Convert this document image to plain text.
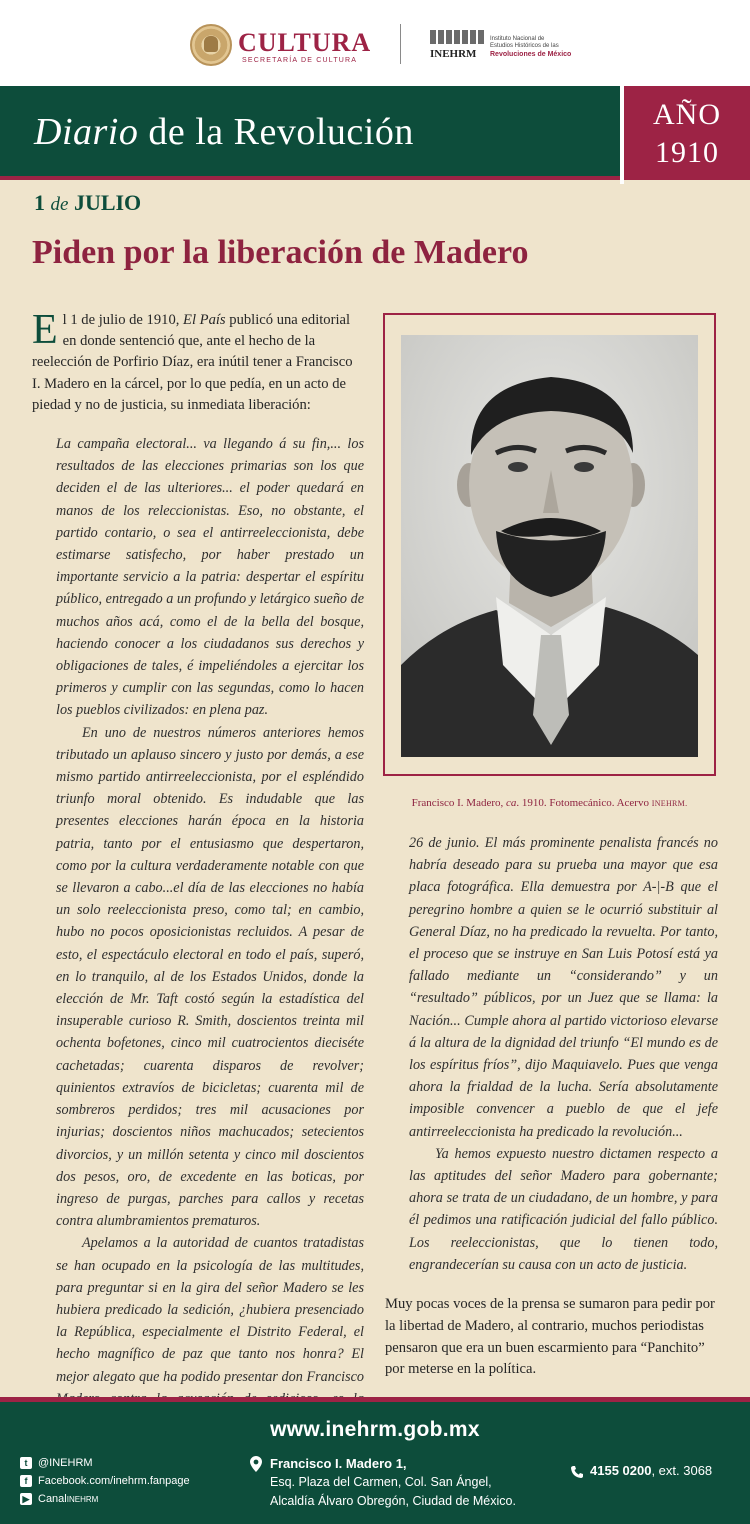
CULTURA
SECRETARÍA DE CULTURA
INEHRM
Instituto Nacional de
Estudios Históricos de las
Revoluciones de México
Diario de la Revolución	AÑO
1910
1 de JULIO
Piden por la liberación de Madero
El 1 de julio de 1910, El País publicó una editorial en donde sentenció que, ante el hecho de la reelección de Porfirio Díaz, era inútil tener a Francisco I. Madero en la cárcel, por lo que pedía, en un acto de piedad y no de justicia, su inmediata liberación:

La campaña electoral... va llegando á su fin,... los resultados de las elecciones primarias son los que deciden el de las ulteriores... el poder quedará en manos de los releccionistas. Eso, no obstante, el partido contario, o sea el antirreeleccionista, debe estimarse satisfecho, por haber prestado un importante servicio a la patria: despertar el espíritu público, entregado a un profundo y letárgico sueño de muchos años acá, como el de la bella del bosque, haciendo conocer a los ciudadanos sus derechos y obligaciones de tales, é impeliéndoles a ejercitar los primeros y cumplir con las segundas, como lo hacen los pueblos civilizados: en plena paz.

En uno de nuestros números anteriores hemos tributado un aplauso sincero y justo por demás, a ese mismo partido antirreeleccionista, por el espléndido triunfo moral obtenido. Es indudable que las presentes elecciones harán época en la historia patria, tanto por el entusiasmo que despertaron, como por la cultura verdaderamente notable con que se llevaron a cabo...el día de las elecciones no había un solo reeleccionista preso, como tal; en cambio, hubo no pocos oposicionistas recluidos. A pesar de esto, el espectáculo electoral en todo el país, superó, en lo tranquilo, al de los Estados Unidos, donde la elección de Mr. Taft costó según la estadística del insuperable curioso R. Smith, doscientos treinta mil ochenta bofetones, cinco mil cuatrocientos dieciséte cachetadas; cuarenta disparos de revolver; quinientos extravíos de bicicletas; cuarenta mil de sombreros perdidos; tres mil acusaciones por injurias; doscientos niños machucados; setecientos divorcios, y un millón setenta y cinco mil doscientos dos pesos, oro, de excedente en las boticas, por ingreso de purgas, parches para callos y recetas contra alumbramientos prematuros.

Apelamos a la autoridad de cuantos tratadistas se han ocupado en la psicología de las multitudes, para preguntar si en la gira del señor Madero se les hubiera predicado la sedición, ¿hubiera presenciado la República, especialmente el Distrito Federal, el hecho magnífico de paz que tanto nos honra? El mejor alegato que ha podido presentar don Francisco

Francisco I. Madero, ca. 1910. Fotomecánico. Acervo INEHRM.

26 de junio. El más prominente penalista francés no habría deseado para su prueba una mayor que esa placa fotográfica. Ella demuestra por A-|-B que el peregrino hombre a quien se le ocurrió substituir al General Díaz, no ha predicado la revuelta. Por tanto, el proceso que se instruye en San Luis Potosí está ya fallado mediante un “considerando” y un “resultado” públicos, por un Juez que se llama: la Nación... Cumple ahora al partido victorioso elevarse á la altura de la dignidad del triunfo “El mundo es de los espíritus fríos”, dijo Maquiavelo. Pues que venga ahora la frialdad de la lucha. Sería absolutamente imposible convencer a pueblo de que el jefe antirreeleccionista ha predicado la revolución...

Ya hemos expuesto nuestro dictamen respecto a las aptitudes del señor Madero para gobernante; ahora se trata de un ciudadano, de un hombre, y para él pedimos una ratificación judicial del fallo público. Los reeleccionistas, que lo tienen todo, engrandecerían su causa con un acto de justicia.

Muy pocas voces de la prensa se sumaron para pedir por la libertad de Madero, al contrario, muchos periodistas pensaron que era un buen escarmiento para “Panchito” por meterse en la política.
www.inehrm.gob.mx
t @INEHRM
f Facebook.com/inehrm.fanpage
▶ Canal INEHRM
Francisco I. Madero 1,
Esq. Plaza del Carmen, Col. San Ángel,
Alcaldía Álvaro Obregón, Ciudad de México.
4155 0200, ext. 3068
